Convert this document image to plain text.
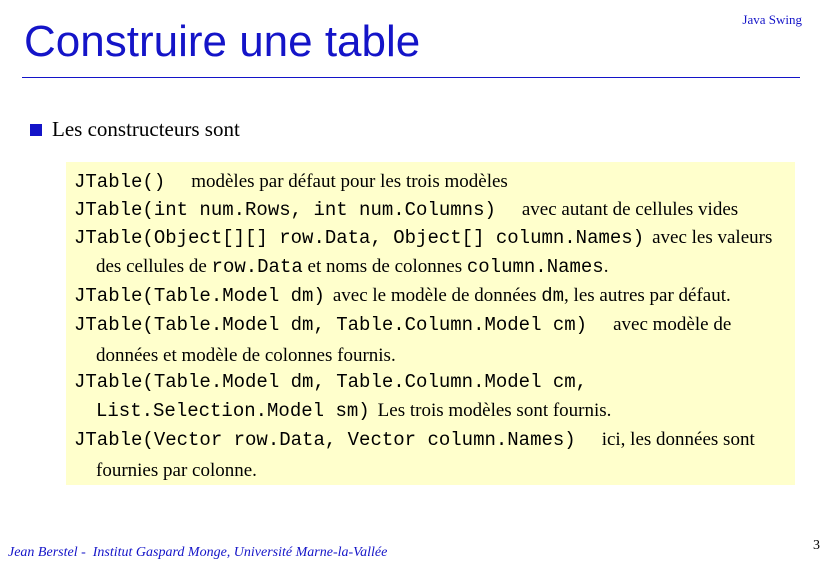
Construire une table	Java Swing
Les constructeurs sont
JTable() modèles par défaut pour les trois modèles
JTable(int num.Rows, int num.Columns) avec autant de cellules vides
JTable(Object[][] row.Data, Object[] column.Names) avec les valeurs
des cellules de row.Data et noms de colonnes column.Names.
JTable(Table.Model dm) avec le modèle de données dm, les autres par défaut.
JTable(Table.Model dm, Table.Column.Model cm) avec modèle de
données et modèle de colonnes fournis.
JTable(Table.Model dm, Table.Column.Model cm,
List.Selection.Model sm) Les trois modèles sont fournis.
JTable(Vector row.Data, Vector column.Names) ici, les données sont
fournies par colonne.
Jean Berstel - Institut Gaspard Monge, Université Marne-la-Vallée	3
